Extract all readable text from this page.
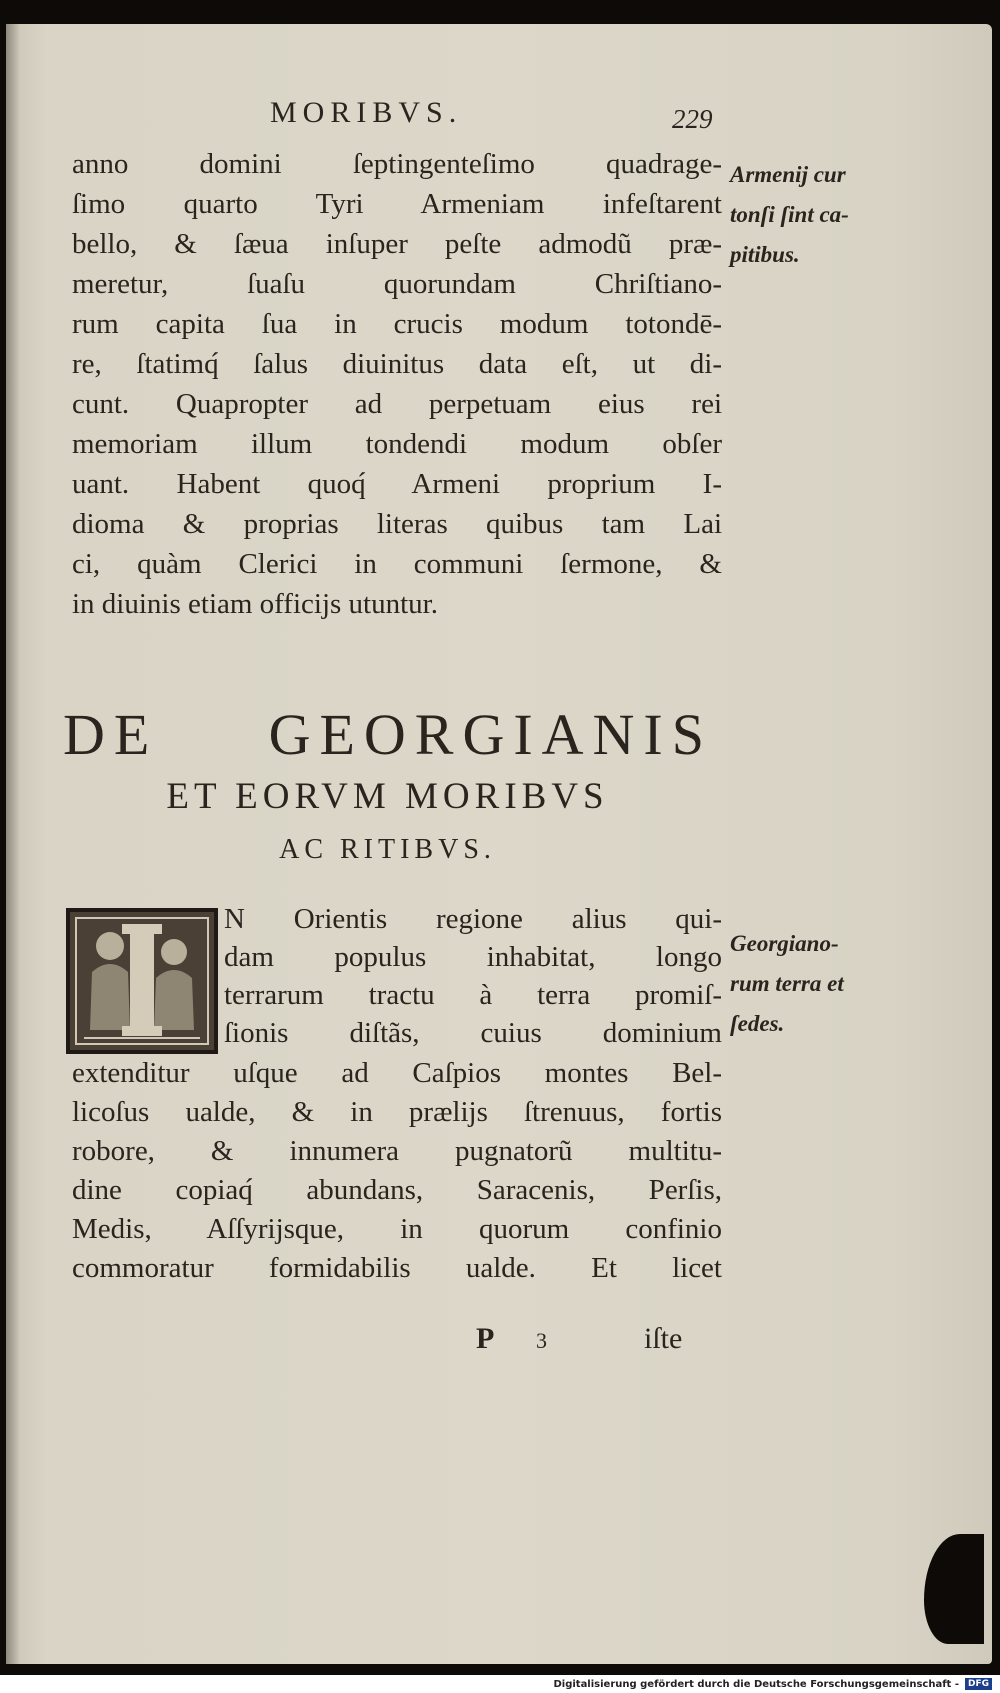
MORIBVS.	229
anno domini ſeptingenteſimo quadrage-
ſimo quarto Tyri Armeniam infeſtarent
bello, & ſæua inſuper peſte admodũ præ-
meretur, ſuaſu quorundam Chriſtiano-
rum capita ſua in crucis modum totondē-
re, ſtatimq́ ſalus diuinitus data eſt, ut di-
cunt. Quapropter ad perpetuam eius rei
memoriam illum tondendi modum obſer
uant. Habent quoq́ Armeni proprium I-
dioma & proprias literas quibus tam Lai
ci, quàm Clerici in communi ſermone, &
in diuinis etiam officijs utuntur.
Armenij cur
tonſi ſint ca-
pitibus.
DE GEORGIANIS
ET EORVM MORIBVS
AC RITIBVS.
N Orientis regione alius qui-
dam populus inhabitat, longo
terrarum tractu à terra promiſ-
ſionis diſtãs, cuius dominium
extenditur uſque ad Caſpios montes Bel-
licoſus ualde, & in prælijs ſtrenuus, fortis
robore, & innumera pugnatorũ multitu-
dine copiaq́ abundans, Saracenis, Perſis,
Medis, Aſſyrijsque, in quorum confinio
commoratur formidabilis ualde. Et licet
Georgiano-
rum terra et
ſedes.
P 3	iſte
Digitalisierung gefördert durch die Deutsche Forschungsgemeinschaft - DFG
